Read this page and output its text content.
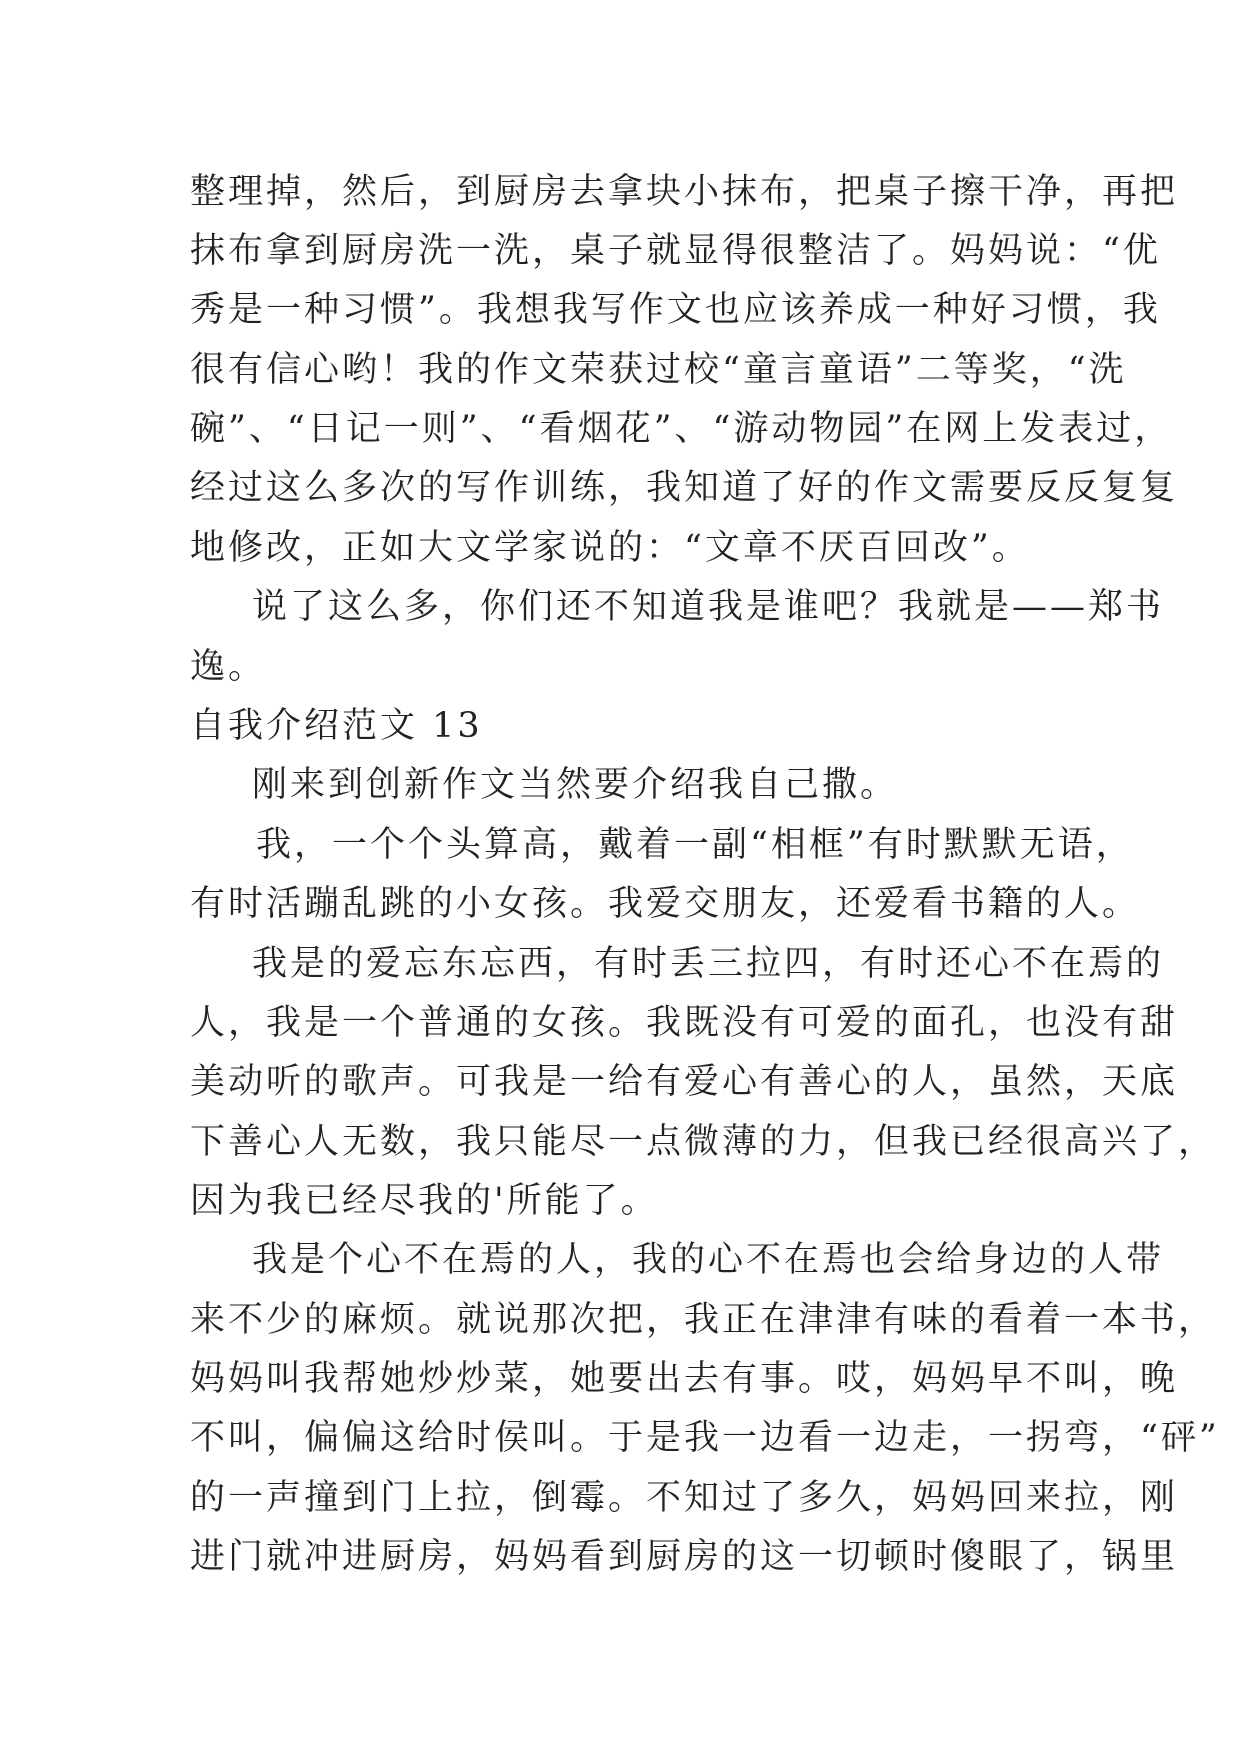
整理掉，然后，到厨房去拿块小抹布，把桌子擦干净，再把
抹布拿到厨房洗一洗，桌子就显得很整洁了。妈妈说：“优
秀是一种习惯”。我想我写作文也应该养成一种好习惯，我
很有信心哟！我的作文荣获过校“童言童语”二等奖，“洗
碗”、“日记一则”、“看烟花”、“游动物园”在网上发表过，
经过这么多次的写作训练，我知道了好的作文需要反反复复
地修改，正如大文学家说的：“文章不厌百回改”。
说了这么多，你们还不知道我是谁吧？我就是——郑书
逸。
自我介绍范文 13
刚来到创新作文当然要介绍我自己撒。
我，一个个头算高，戴着一副“相框”有时默默无语，
有时活蹦乱跳的小女孩。我爱交朋友，还爱看书籍的人。
我是的爱忘东忘西，有时丢三拉四，有时还心不在焉的
人，我是一个普通的女孩。我既没有可爱的面孔，也没有甜
美动听的歌声。可我是一给有爱心有善心的人，虽然，天底
下善心人无数，我只能尽一点微薄的力，但我已经很高兴了，
因为我已经尽我的'所能了。
我是个心不在焉的人，我的心不在焉也会给身边的人带
来不少的麻烦。就说那次把，我正在津津有味的看着一本书，
妈妈叫我帮她炒炒菜，她要出去有事。哎，妈妈早不叫，晚
不叫，偏偏这给时侯叫。于是我一边看一边走，一拐弯，“砰”
的一声撞到门上拉，倒霉。不知过了多久，妈妈回来拉，刚
进门就冲进厨房，妈妈看到厨房的这一切顿时傻眼了，锅里
